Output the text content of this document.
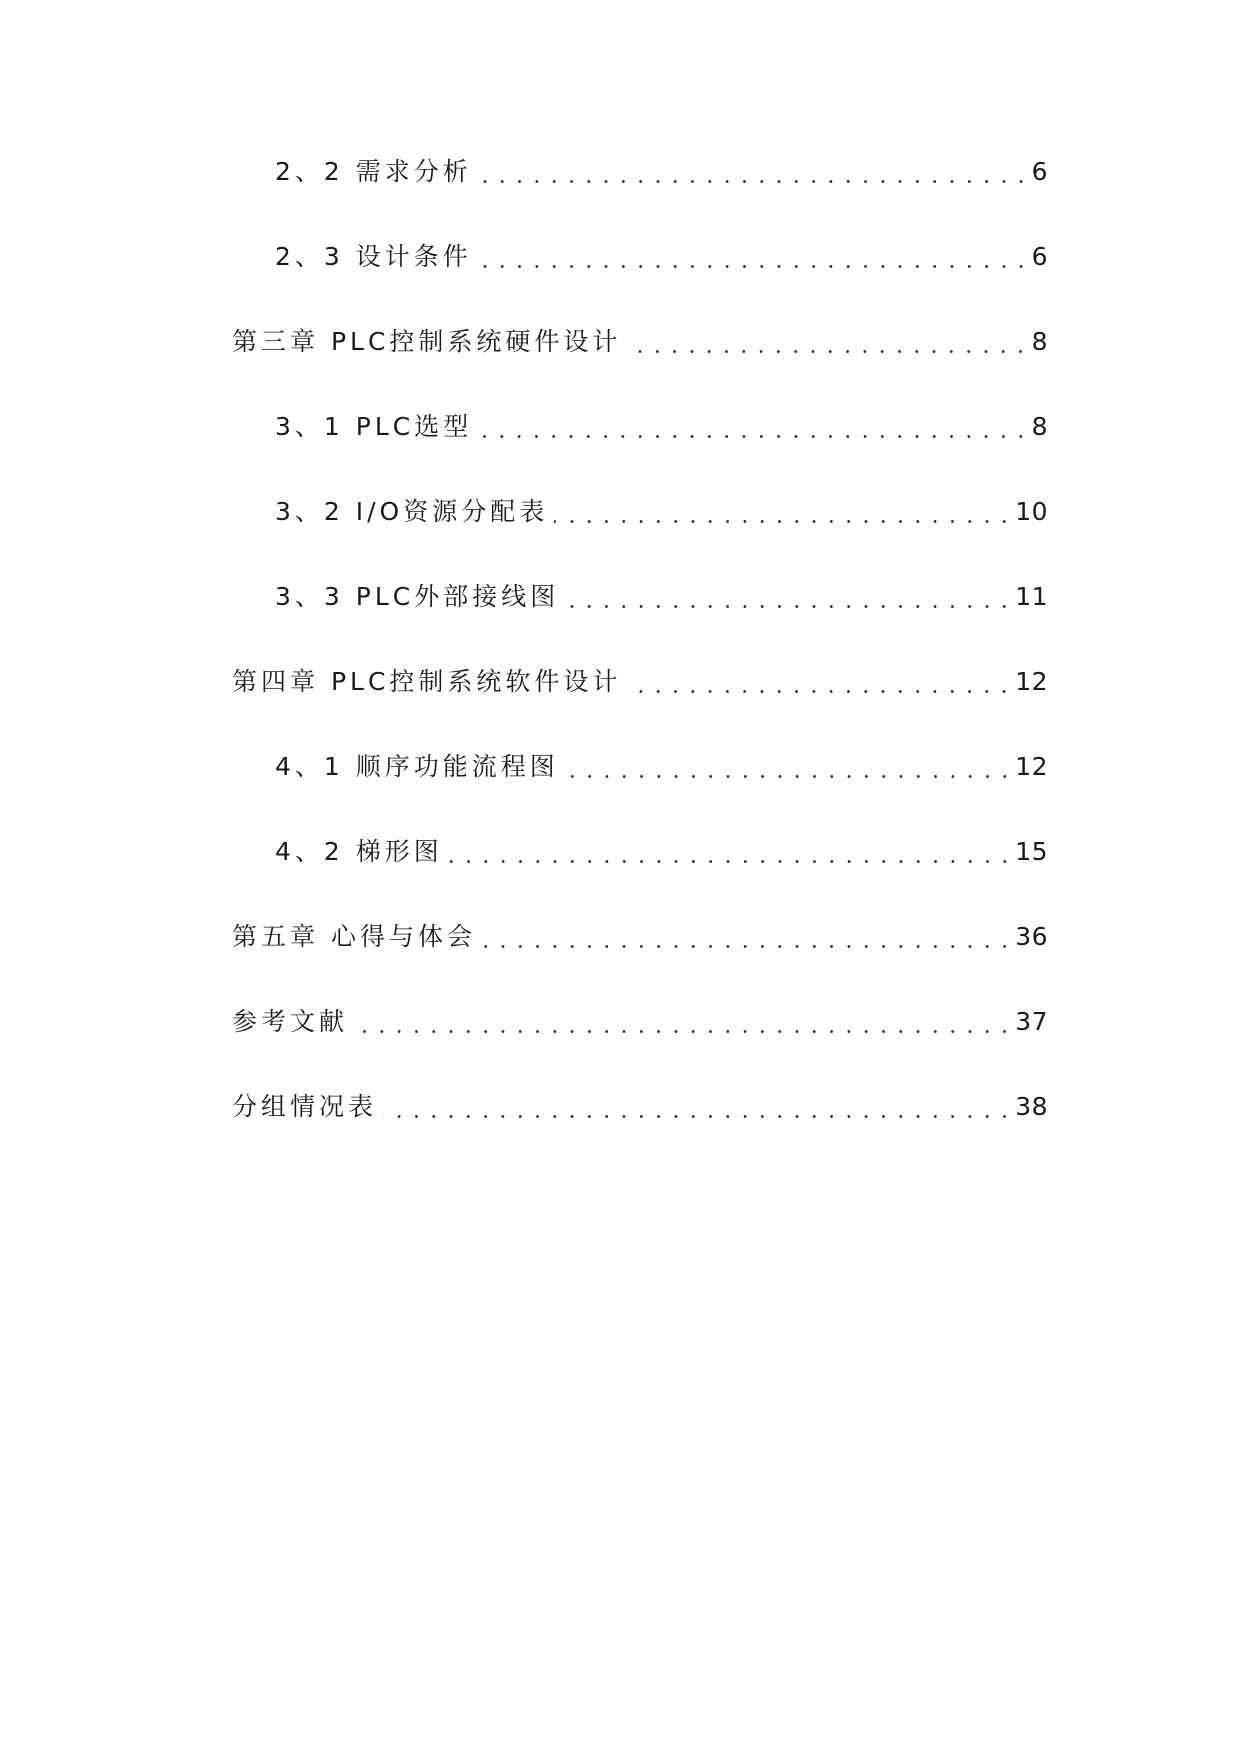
2、2 需求分析	6
2、3 设计条件	6
第三章 PLC控制系统硬件设计	8
3、1 PLC选型	8
3、2 I/O资源分配表	10
3、3 PLC外部接线图	11
第四章 PLC控制系统软件设计	12
4、1 顺序功能流程图	12
4、2 梯形图	15
第五章 心得与体会	36
参考文献	37
分组情况表	38
